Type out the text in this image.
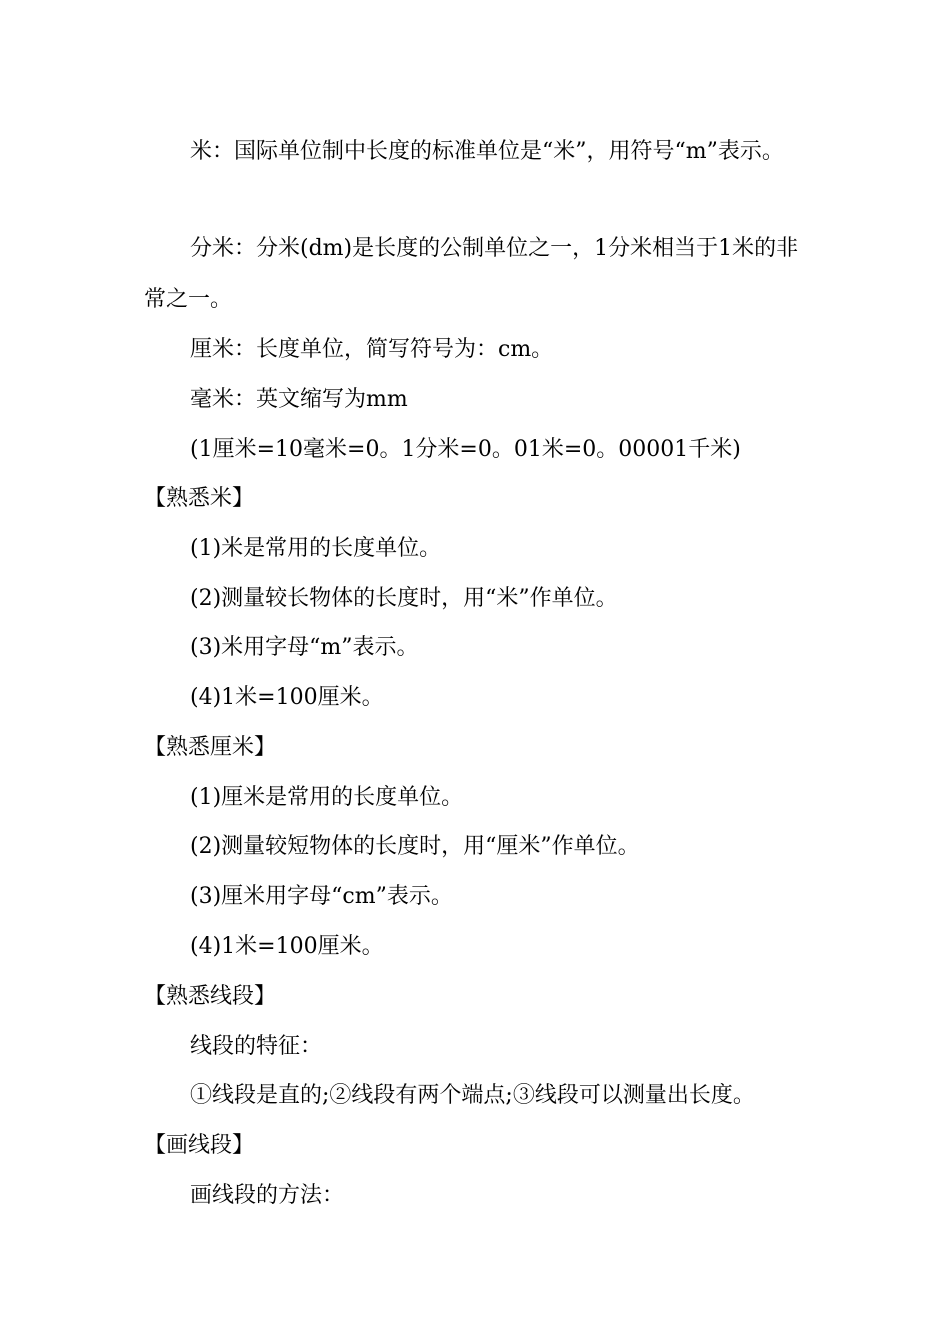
米：国际单位制中长度的标准单位是“米”，用符号“m”表示。
分米：分米(dm)是长度的公制单位之一，1分米相当于1米的非
常之一。
厘米：长度单位，简写符号为：cm。
毫米：英文缩写为mm
(1厘米=10毫米=0。1分米=0。01米=0。00001千米)
【熟悉米】
(1)米是常用的长度单位。
(2)测量较长物体的长度时，用“米”作单位。
(3)米用字母“m”表示。
(4)1米=100厘米。
【熟悉厘米】
(1)厘米是常用的长度单位。
(2)测量较短物体的长度时，用“厘米”作单位。
(3)厘米用字母“cm”表示。
(4)1米=100厘米。
【熟悉线段】
线段的特征：
①线段是直的;②线段有两个端点;③线段可以测量出长度。
【画线段】
画线段的方法：
